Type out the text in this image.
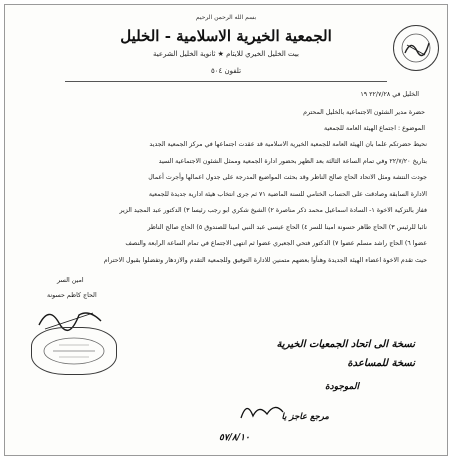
بسم الله الرحمن الرحيم
الجمعية الخيرية الاسلامية - الخليل
بيت الخليل الخيري للايتام ★ ثانوية الخليل الشرعية
تلفون ٥٠٤
الخليل في ٢٢/٧/٢٨ ١٩
حضرة مدير الشئون الاجتماعية بالخليل المحترم
الموضوع : اجتماع الهيئة العامة للجمعية
نحيط حضرتكم علما بان الهيئة العامة للجمعية الخيرية الاسلامية قد عقدت اجتماعها في مركز الجمعية الجديد
بتاريخ ٢٢/٧/٢٠ وفي تمام الساعة الثالثة بعد الظهر بحضور ادارة الجمعية وممثل الشئون الاجتماعية السيد
جودت النتشة ومثل الاتحاد الحاج صالح الناظر وقد بحثت المواضيع المدرجة على جدول اعمالها وأجرت أعمال
الادارة السابقة وصادقت على الحساب الختامي للسنة الماضية ٧١ ثم جرى انتخاب هيئة ادارية جديدة للجمعية
ففاز بالتزكية الاخوة ١- السادة اسماعيل محمد ذكر مناصرة ٢) الشيخ شكري ابو رجب رئيسا ٣) الدكتور عبد المجيد الزير
نائبا للرئيس ٣) الحاج طاهر حسونة امينا للسر ٤) الحاج عيسى عبد النبي امينا للصندوق ٥) الحاج صالح الناظر
عضوا ٦) الحاج راشد مسلم عضوا ٧) الدكتور فتحي الجعبري عضوا ثم انتهى الاجتماع في تمام الساعة الرابعة والنصف
حيث تقدم الاخوة اعضاء الهيئة الجديدة وهنأوا بعضهم متمنين للادارة التوفيق وللجمعية التقدم والازدهار وتفضلوا بقبول الاحترام
امين السر
الحاج كاظم حسونة
نسخة الى اتحاد الجمعيات الخيرية
نسخة للمساعدة
الموجودة
مرجع عاجز يا
٥٧/٨/١٠
